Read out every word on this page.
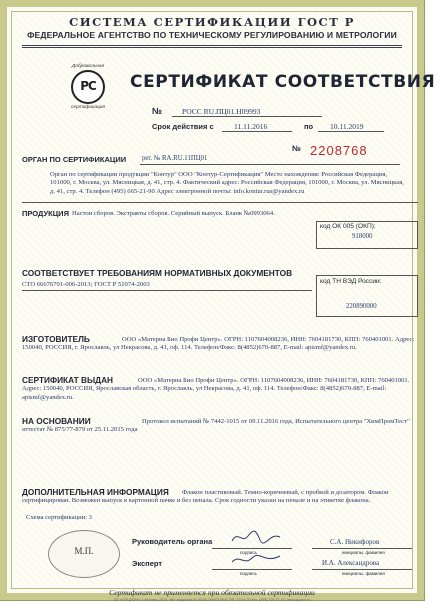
СИСТЕМА СЕРТИФИКАЦИИ ГОСТ Р
ФЕДЕРАЛЬНОЕ АГЕНТСТВО ПО ТЕХНИЧЕСКОМУ РЕГУЛИРОВАНИЮ И МЕТРОЛОГИИ
Добровольная
PC
сертификация
СЕРТИФИКАТ СООТВЕТСТВИЯ
№	РОСС RU.ПЦ01.Н09993
Срок действия с	11.11.2016	по 10.11.2019
№ 2208768
ОРГАН ПО СЕРТИФИКАЦИИ рег. № RA.RU.11ПЦ01
Орган по сертификации продукции "Контур" ООО "Контур-Сертификация" Место нахождения: Российская Федерация, 101000, г. Москва, ул. Мясницкая, д. 41, стр. 4. Фактический адрес: Российская Федерация, 101000, г. Москва, ул. Мясницкая, д. 41, стр. 4. Телефон (495) 665-21-90 Адрес электронной почты: info.kontur.rus@yandex.ru
ПРОДУКЦИЯ Настои сборов. Экстракты сборов. Серийный выпуск. Бланк №0993064.
код ОК 005 (ОКП):
918000
СООТВЕТСТВУЕТ ТРЕБОВАНИЯМ НОРМАТИВНЫХ ДОКУМЕНТОВ
СТО 66676791-006-2013; ГОСТ Р 51074-2003	код ТН ВЭД России:
220890000
ИЗГОТОВИТЕЛЬ	ООО «Матерна Био Профи Центр». ОГРН: 1107604008236, ИНН: 7604181730, КПП: 760401001. Адрес: 150040, РОССИЯ, г. Ярославль, ул Некрасова, д. 41, оф. 114. Телефон/Факс: 8(4852)670-887, E-mail: apismf@yandex.ru.
СЕРТИФИКАТ ВЫДАН	ООО «Матерна Био Профи Центр». ОГРН: 1107604008236, ИНН: 7604181730, КПП: 760401001. Адрес: 150040, РОССИЯ, Ярославская область, г. Ярославль, ул Некрасова, д. 41, оф. 114. Телефон/Факс: 8(4852)670-887, E-mail: apismf@yandex.ru.
НА ОСНОВАНИИ	Протокол испытаний № 7442-1015 от 09.11.2016 года, Испытательного центра "ХимПромТест" аттестат № 875/77-879 от 25.11.2015 года
ДОПОЛНИТЕЛЬНАЯ ИНФОРМАЦИЯ	Флакон пластиковый. Темно-коричневый, с пробкой и дозатором. Флакон сертифицирован. Возможен выпуск в картонной пачке и без пенала. Срок годности указан на пенале и на этикетке флакона.
Схема сертификации: 3
М.П.
Руководитель органа
подпись
С.А. Никифоров
инициалы, фамилия
Эксперт
подпись
И.А. Александрова
инициалы, фамилия
Сертификат не применяется при обязательной сертификации
АО «ОПЦИОН», г. Москва, 2016, «В» лицензия № 05-05-09/003 ФНС РФ, ТЗ № 70 тел. (495) 726-47-42, www.opcion.ru
